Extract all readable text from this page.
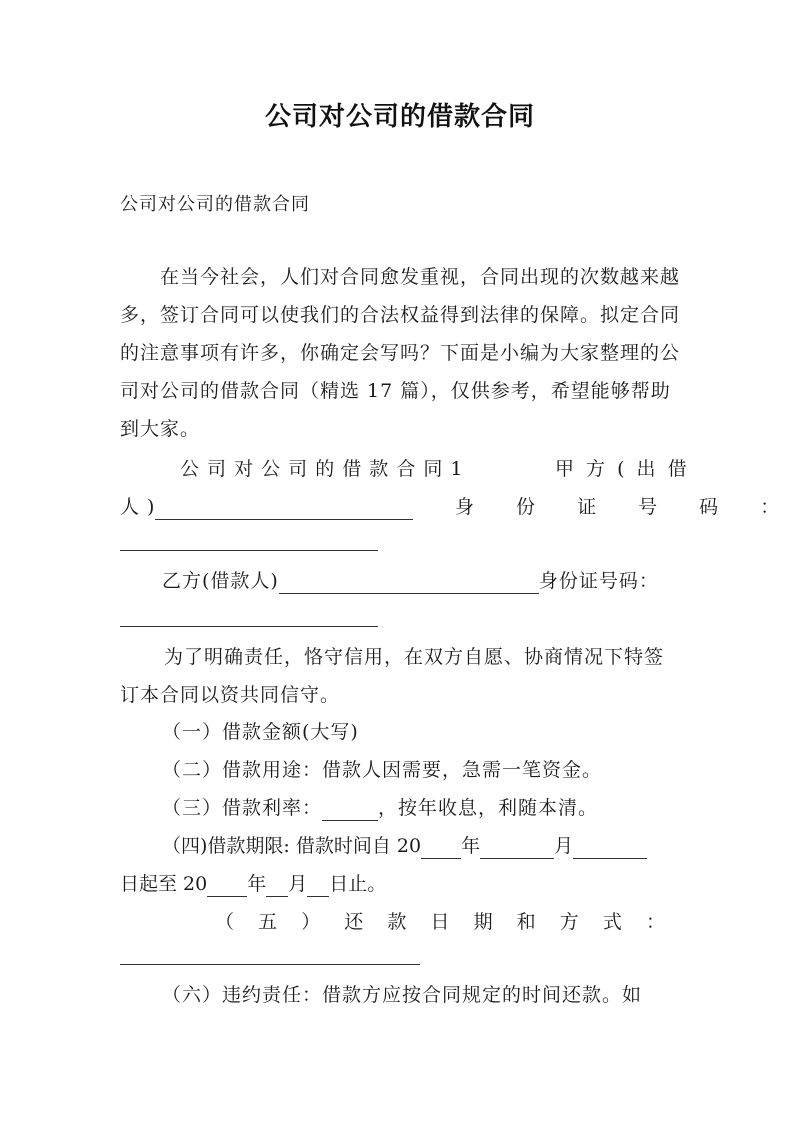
公司对公司的借款合同
公司对公司的借款合同
在当今社会，人们对合同愈发重视，合同出现的次数越来越多，签订合同可以使我们的合法权益得到法律的保障。拟定合同的注意事项有许多，你确定会写吗？下面是小编为大家整理的公司对公司的借款合同（精选 17 篇），仅供参考，希望能够帮助到大家。
公 司 对 公 司 的 借 款 合 同 1	甲 方 ( 出 借
人 )	身 份 证 号 码 ：
乙方(借款人)	身份证号码：
为了明确责任，恪守信用，在双方自愿、协商情况下特签订本合同以资共同信守。
（一）借款金额(大写)
（二）借款用途：借款人因需要，急需一笔资金。
（三）借款利率：	，按年收息，利随本清。
（四)借款期限: 借款时间自 20 年	月
日起至 20 年 月 日止。
（ 五 ） 还 款 日 期 和 方 式 ：
（六）违约责任：借款方应按合同规定的时间还款。如
